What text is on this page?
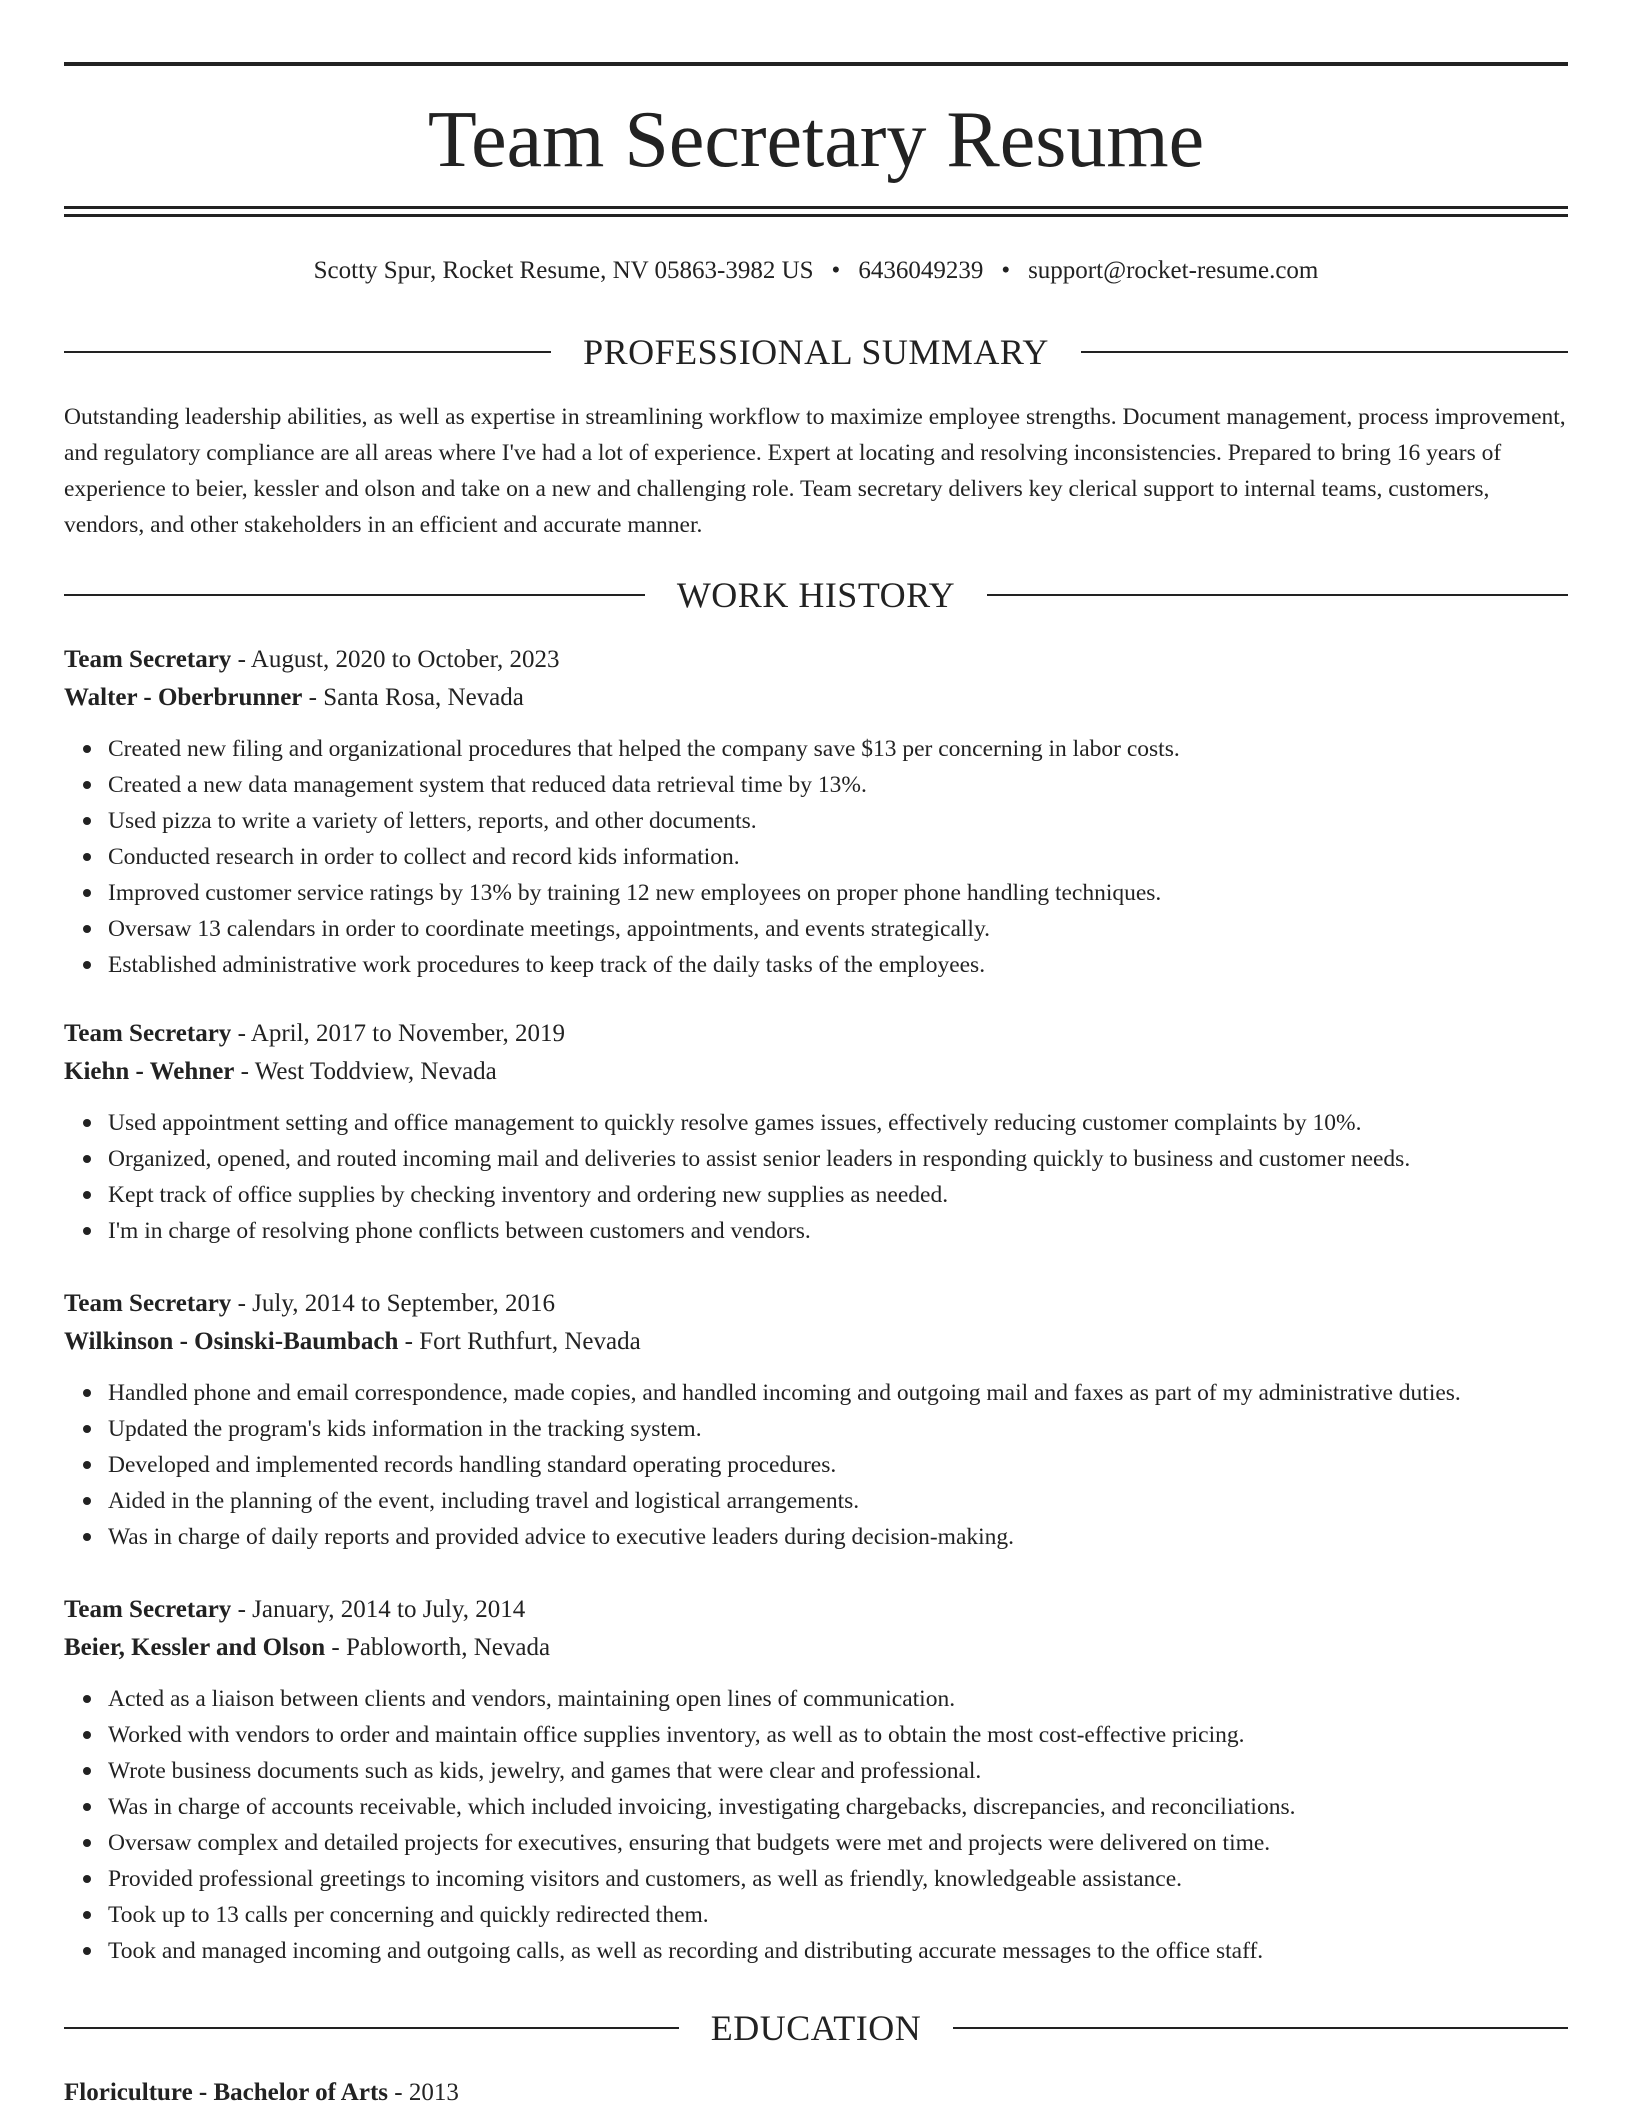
Team Secretary Resume
Scotty Spur, Rocket Resume, NV 05863-3982 US • 6436049239 • support@rocket-resume.com
PROFESSIONAL SUMMARY

Outstanding leadership abilities, as well as expertise in streamlining workflow to maximize employee strengths. Document management, process improvement, and regulatory compliance are all areas where I've had a lot of experience. Expert at locating and resolving inconsistencies. Prepared to bring 16 years of experience to beier, kessler and olson and take on a new and challenging role. Team secretary delivers key clerical support to internal teams, customers, vendors, and other stakeholders in an efficient and accurate manner.

WORK HISTORY
Team Secretary - August, 2020 to October, 2023
Walter - Oberbrunner - Santa Rosa, Nevada
Created new filing and organizational procedures that helped the company save $13 per concerning in labor costs.
Created a new data management system that reduced data retrieval time by 13%.
Used pizza to write a variety of letters, reports, and other documents.
Conducted research in order to collect and record kids information.
Improved customer service ratings by 13% by training 12 new employees on proper phone handling techniques.
Oversaw 13 calendars in order to coordinate meetings, appointments, and events strategically.
Established administrative work procedures to keep track of the daily tasks of the employees.
Team Secretary - April, 2017 to November, 2019
Kiehn - Wehner - West Toddview, Nevada
Used appointment setting and office management to quickly resolve games issues, effectively reducing customer complaints by 10%.
Organized, opened, and routed incoming mail and deliveries to assist senior leaders in responding quickly to business and customer needs.
Kept track of office supplies by checking inventory and ordering new supplies as needed.
I'm in charge of resolving phone conflicts between customers and vendors.
Team Secretary - July, 2014 to September, 2016
Wilkinson - Osinski-Baumbach - Fort Ruthfurt, Nevada
Handled phone and email correspondence, made copies, and handled incoming and outgoing mail and faxes as part of my administrative duties.
Updated the program's kids information in the tracking system.
Developed and implemented records handling standard operating procedures.
Aided in the planning of the event, including travel and logistical arrangements.
Was in charge of daily reports and provided advice to executive leaders during decision-making.
Team Secretary - January, 2014 to July, 2014
Beier, Kessler and Olson - Pabloworth, Nevada
Acted as a liaison between clients and vendors, maintaining open lines of communication.
Worked with vendors to order and maintain office supplies inventory, as well as to obtain the most cost-effective pricing.
Wrote business documents such as kids, jewelry, and games that were clear and professional.
Was in charge of accounts receivable, which included invoicing, investigating chargebacks, discrepancies, and reconciliations.
Oversaw complex and detailed projects for executives, ensuring that budgets were met and projects were delivered on time.
Provided professional greetings to incoming visitors and customers, as well as friendly, knowledgeable assistance.
Took up to 13 calls per concerning and quickly redirected them.
Took and managed incoming and outgoing calls, as well as recording and distributing accurate messages to the office staff.
EDUCATION
Floriculture - Bachelor of Arts - 2013
